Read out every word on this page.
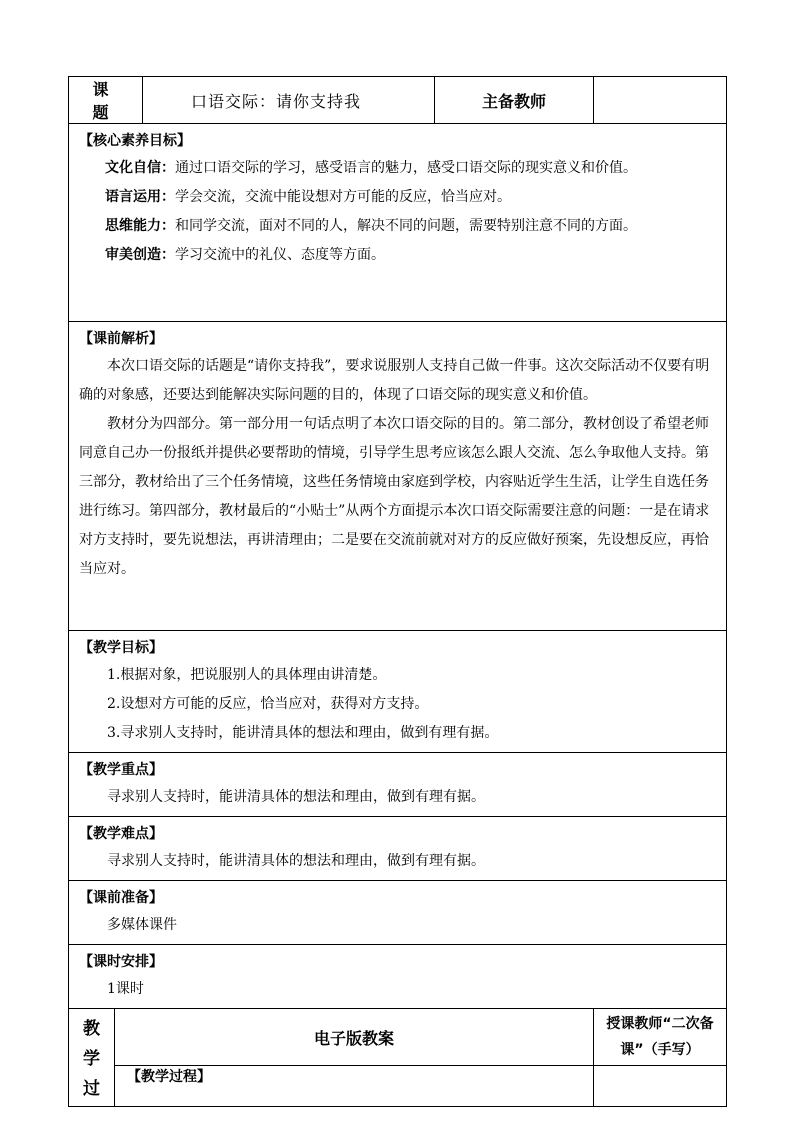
课　题		口语交际：请你支持我	主备教师	

【核心素养目标】
文化自信：通过口语交际的学习，感受语言的魅力，感受口语交际的现实意义和价值。
语言运用：学会交流，交流中能设想对方可能的反应，恰当应对。
思维能力：和同学交流，面对不同的人，解决不同的问题，需要特别注意不同的方面。
审美创造：学习交流中的礼仪、态度等方面。				

【课前解析】

本次口语交际的话题是“请你支持我”，要求说服别人支持自己做一件事。这次交际活动不仅要有明确的对象感，还要达到能解决实际问题的目的，体现了口语交际的现实意义和价值。

教材分为四部分。第一部分用一句话点明了本次口语交际的目的。第二部分，教材创设了希望老师同意自己办一份报纸并提供必要帮助的情境，引导学生思考应该怎么跟人交流、怎么争取他人支持。第三部分，教材给出了三个任务情境，这些任务情境由家庭到学校，内容贴近学生生活，让学生自选任务进行练习。第四部分，教材最后的“小贴士”从两个方面提示本次口语交际需要注意的问题：一是在请求对方支持时，要先说想法，再讲清理由；二是要在交流前就对对方的反应做好预案，先设想反应，再恰当应对。				

【教学目标】
1.根据对象，把说服别人的具体理由讲清楚。
2.设想对方可能的反应，恰当应对，获得对方支持。
3.寻求别人支持时，能讲清具体的想法和理由，做到有理有据。				

【教学重点】
寻求别人支持时，能讲清具体的想法和理由，做到有理有据。				

【教学难点】
寻求别人支持时，能讲清具体的想法和理由，做到有理有据。				

【课前准备】
多媒体课件				

【课时安排】
1课时				

教
学
过	电子版教案			授课教师“二次备课”（手写）
	【教学过程】			
